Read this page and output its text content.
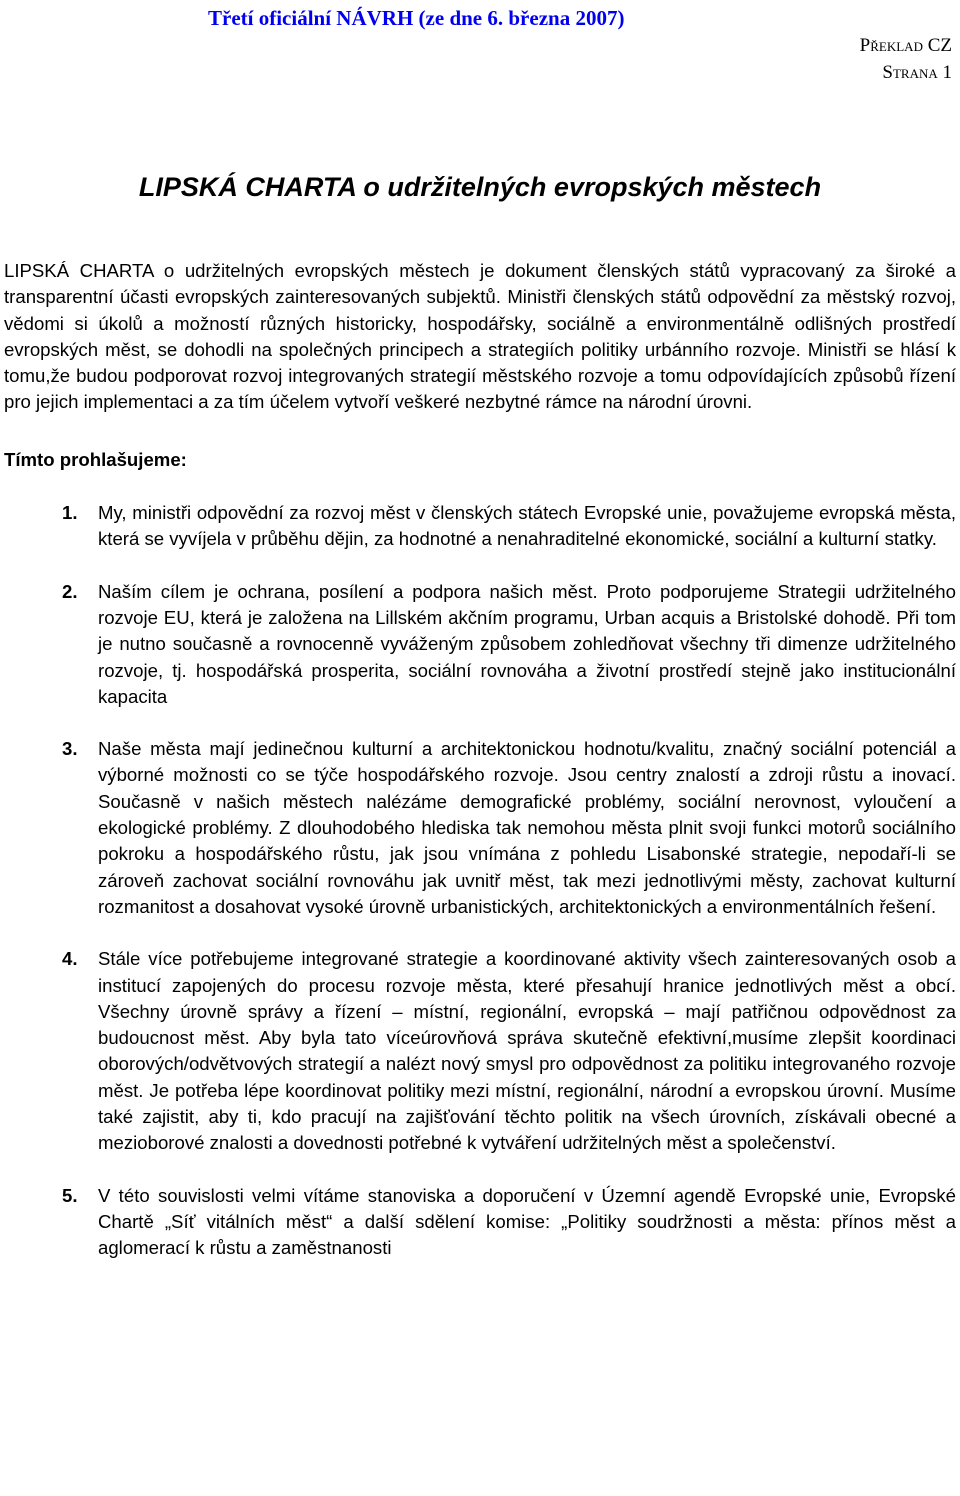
Třetí oficiální NÁVRH (ze dne 6. března 2007)
Překlad CZ
Strana 1
LIPSKÁ CHARTA o udržitelných evropských městech

LIPSKÁ CHARTA o udržitelných evropských městech je dokument členských států vypracovaný za široké a transparentní účasti evropských zainteresovaných subjektů. Ministři členských států odpovědní za městský rozvoj, vědomi si úkolů a možností různých historicky, hospodářsky, sociálně a environmentálně odlišných prostředí evropských měst, se dohodli na společných principech a strategiích politiky urbánního rozvoje. Ministři se hlásí k tomu,že budou podporovat rozvoj integrovaných strategií městského rozvoje a tomu odpovídajících způsobů řízení pro jejich implementaci a za tím účelem vytvoří veškeré nezbytné rámce na národní úrovni.

Tímto prohlašujeme:
1. My, ministři odpovědní za rozvoj měst v členských státech Evropské unie, považujeme evropská města, která se vyvíjela v průběhu dějin, za hodnotné a nenahraditelné ekonomické, sociální a kulturní statky.
2. Naším cílem je ochrana, posílení a podpora našich měst. Proto podporujeme Strategii udržitelného rozvoje EU, která je založena na Lillském akčním programu, Urban acquis a Bristolské dohodě. Při tom je nutno současně a rovnocenně vyváženým způsobem zohledňovat všechny tři dimenze udržitelného rozvoje, tj. hospodářská prosperita, sociální rovnováha a životní prostředí stejně jako institucionální kapacita
3. Naše města mají jedinečnou kulturní a architektonickou hodnotu/kvalitu, značný sociální potenciál a výborné možnosti co se týče hospodářského rozvoje. Jsou centry znalostí a zdroji růstu a inovací. Současně v našich městech nalézáme demografické problémy, sociální nerovnost, vyloučení a ekologické problémy. Z dlouhodobého hlediska tak nemohou města plnit svoji funkci motorů sociálního pokroku a hospodářského růstu, jak jsou vnímána z pohledu Lisabonské strategie, nepodaří-li se zároveň zachovat sociální rovnováhu jak uvnitř měst, tak mezi jednotlivými městy, zachovat kulturní rozmanitost a dosahovat vysoké úrovně urbanistických, architektonických a environmentálních řešení.
4. Stále více potřebujeme integrované strategie a koordinované aktivity všech zainteresovaných osob a institucí zapojených do procesu rozvoje města, které přesahují hranice jednotlivých měst a obcí. Všechny úrovně správy a řízení – místní, regionální, evropská – mají patřičnou odpovědnost za budoucnost měst. Aby byla tato víceúrovňová správa skutečně efektivní,musíme zlepšit koordinaci oborových/odvětvových strategií a nalézt nový smysl pro odpovědnost za politiku integrovaného rozvoje měst. Je potřeba lépe koordinovat politiky mezi místní, regionální, národní a evropskou úrovní. Musíme také zajistit, aby ti, kdo pracují na zajišťování těchto politik na všech úrovních, získávali obecné a mezioborové znalosti a dovednosti potřebné k vytváření udržitelných měst a společenství.
5. V této souvislosti velmi vítáme stanoviska a doporučení v Územní agendě Evropské unie, Evropské Chartě „Síť vitálních měst“ a další sdělení komise: „Politiky soudržnosti a města: přínos měst a aglomerací k růstu a zaměstnanosti
